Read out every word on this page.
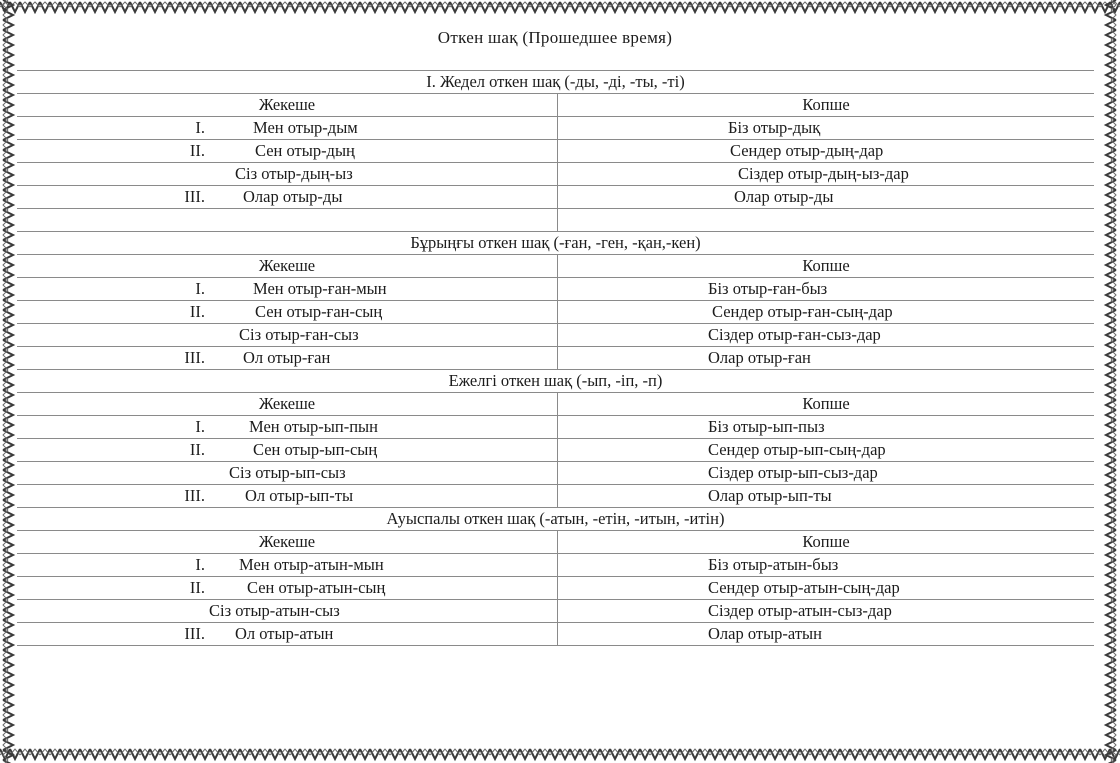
Откен шақ (Прошедшее время)
I. Жедел откен шақ (-ды, -ді, -ты, -ті)	
Жекеше	Копше
I. Мен отыр-дым	Біз отыр-дық
II. Сен отыр-дың	Сендер отыр-дың-дар
Сіз отыр-дың-ыз	Сіздер отыр-дың-ыз-дар
III. Олар отыр-ды	Олар отыр-ды

Бұрыңғы откен шақ (-ған, -ген, -қан,-кен)	
Жекеше	Копше
I. Мен отыр-ған-мын	Біз отыр-ған-быз
II. Сен отыр-ған-сың	Сендер отыр-ған-сың-дар
Сіз отыр-ған-сыз	Сіздер отыр-ған-сыз-дар
III. Ол отыр-ған	Олар отыр-ған
Ежелгі откен шақ (-ып, -іп, -п)	
Жекеше	Копше
I. Мен отыр-ып-пын	Біз отыр-ып-пыз
II. Сен отыр-ып-сың	Сендер отыр-ып-сың-дар
Сіз отыр-ып-сыз	Сіздер отыр-ып-сыз-дар
III. Ол отыр-ып-ты	Олар отыр-ып-ты
Ауыспалы откен шақ (-атын, -етін, -итын, -итін)	
Жекеше	Копше
I. Мен отыр-атын-мын	Біз отыр-атын-быз
II. Сен отыр-атын-сың	Сендер отыр-атын-сың-дар
Сіз отыр-атын-сыз	Сіздер отыр-атын-сыз-дар
III. Ол отыр-атын	Олар отыр-атын
